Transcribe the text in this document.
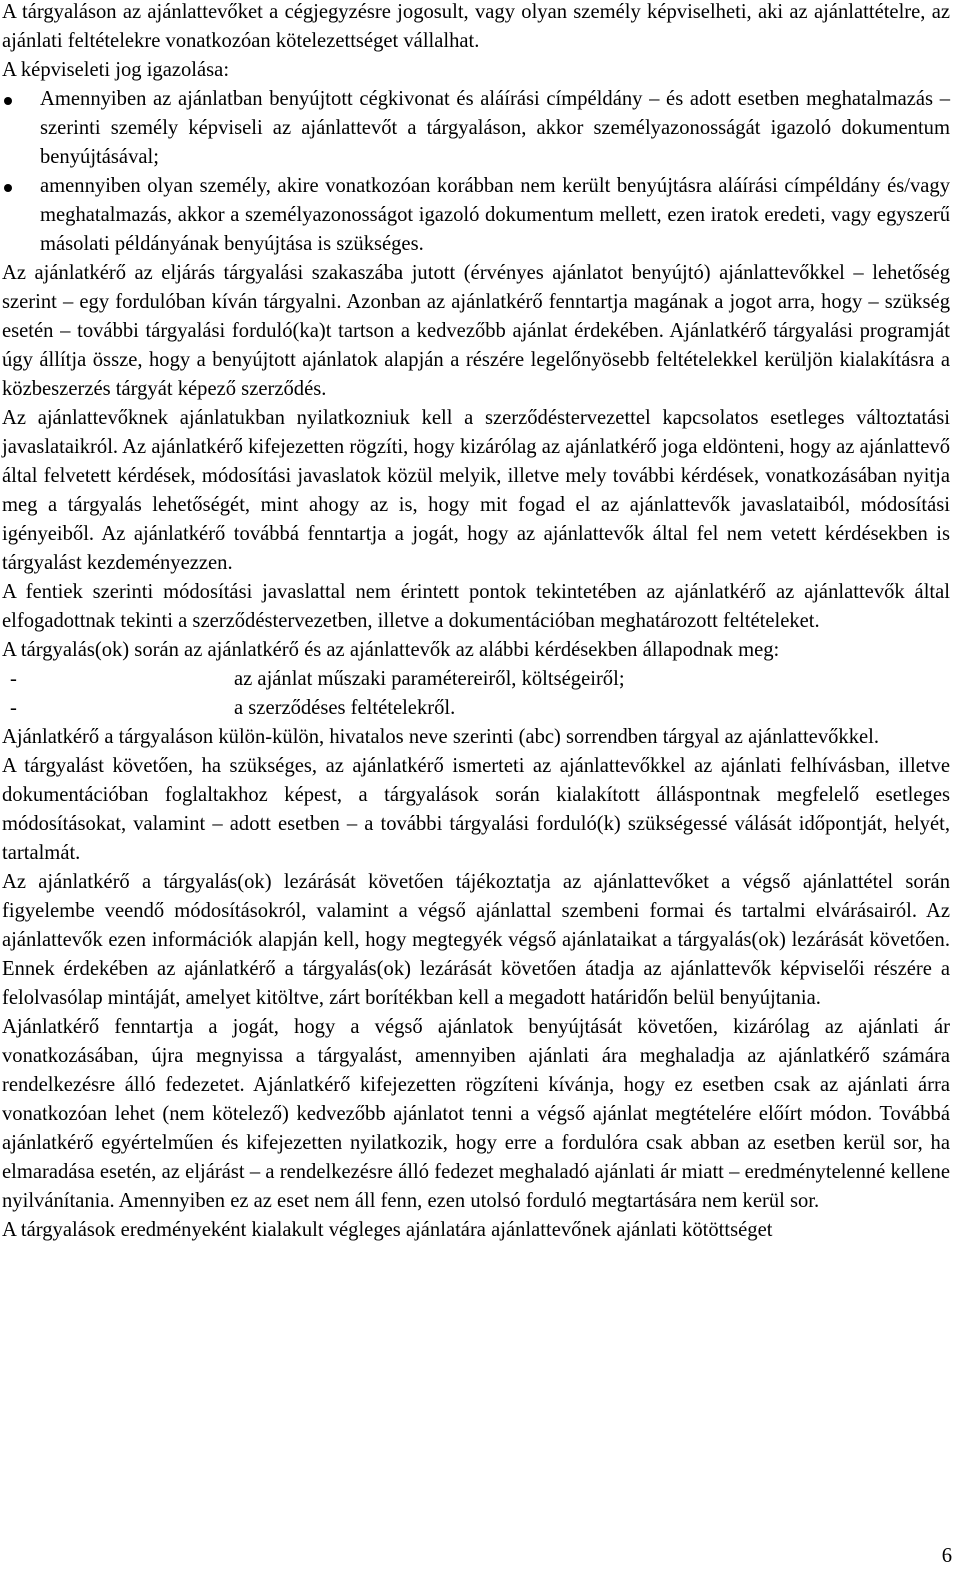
A tárgyaláson az ajánlattevőket a cégjegyzésre jogosult, vagy olyan személy képviselheti, aki az ajánlattételre, az ajánlati feltételekre vonatkozóan kötelezettséget vállalhat.

A képviseleti jog igazolása:

Amennyiben az ajánlatban benyújtott cégkivonat és aláírási címpéldány – és adott esetben meghatalmazás – szerinti személy képviseli az ajánlattevőt a tárgyaláson, akkor személyazonosságát igazoló dokumentum benyújtásával;
amennyiben olyan személy, akire vonatkozóan korábban nem került benyújtásra aláírási címpéldány és/vagy meghatalmazás, akkor a személyazonosságot igazoló dokumentum mellett, ezen iratok eredeti, vagy egyszerű másolati példányának benyújtása is szükséges.

Az ajánlatkérő az eljárás tárgyalási szakaszába jutott (érvényes ajánlatot benyújtó) ajánlattevőkkel – lehetőség szerint – egy fordulóban kíván tárgyalni. Azonban az ajánlatkérő fenntartja magának a jogot arra, hogy – szükség esetén – további tárgyalási forduló(ka)t tartson a kedvezőbb ajánlat érdekében. Ajánlatkérő tárgyalási programját úgy állítja össze, hogy a benyújtott ajánlatok alapján a részére legelőnyösebb feltételekkel kerüljön kialakításra a közbeszerzés tárgyát képező szerződés.

Az ajánlattevőknek ajánlatukban nyilatkozniuk kell a szerződéstervezettel kapcsolatos esetleges változtatási javaslataikról. Az ajánlatkérő kifejezetten rögzíti, hogy kizárólag az ajánlatkérő joga eldönteni, hogy az ajánlattevő által felvetett kérdések, módosítási javaslatok közül melyik, illetve mely további kérdések, vonatkozásában nyitja meg a tárgyalás lehetőségét, mint ahogy az is, hogy mit fogad el az ajánlattevők javaslataiból, módosítási igényeiből. Az ajánlatkérő továbbá fenntartja a jogát, hogy az ajánlattevők által fel nem vetett kérdésekben is tárgyalást kezdeményezzen.

A fentiek szerinti módosítási javaslattal nem érintett pontok tekintetében az ajánlatkérő az ajánlattevők által elfogadottnak tekinti a szerződéstervezetben, illetve a dokumentációban meghatározott feltételeket.

A tárgyalás(ok) során az ajánlatkérő és az ajánlattevők az alábbi kérdésekben állapodnak meg:

-	az ajánlat műszaki paramétereiről, költségeiről;
-	a szerződéses feltételekről.

Ajánlatkérő a tárgyaláson külön-külön, hivatalos neve szerinti (abc) sorrendben tárgyal az ajánlattevőkkel.

A tárgyalást követően, ha szükséges, az ajánlatkérő ismerteti az ajánlattevőkkel az ajánlati felhívásban, illetve dokumentációban foglaltakhoz képest, a tárgyalások során kialakított álláspontnak megfelelő esetleges módosításokat, valamint – adott esetben – a további tárgyalási forduló(k) szükségessé válását időpontját, helyét, tartalmát.

Az ajánlatkérő a tárgyalás(ok) lezárását követően tájékoztatja az ajánlattevőket a végső ajánlattétel során figyelembe veendő módosításokról, valamint a végső ajánlattal szembeni formai és tartalmi elvárásairól. Az ajánlattevők ezen információk alapján kell, hogy megtegyék végső ajánlataikat a tárgyalás(ok) lezárását követően. Ennek érdekében az ajánlatkérő a tárgyalás(ok) lezárását követően átadja az ajánlattevők képviselői részére a felolvasólap mintáját, amelyet kitöltve, zárt borítékban kell a megadott határidőn belül benyújtania.

Ajánlatkérő fenntartja a jogát, hogy a végső ajánlatok benyújtását követően, kizárólag az ajánlati ár vonatkozásában, újra megnyissa a tárgyalást, amennyiben ajánlati ára meghaladja az ajánlatkérő számára rendelkezésre álló fedezetet. Ajánlatkérő kifejezetten rögzíteni kívánja, hogy ez esetben csak az ajánlati árra vonatkozóan lehet (nem kötelező) kedvezőbb ajánlatot tenni a végső ajánlat megtételére előírt módon. Továbbá ajánlatkérő egyértelműen és kifejezetten nyilatkozik, hogy erre a fordulóra csak abban az esetben kerül sor, ha elmaradása esetén, az eljárást – a rendelkezésre álló fedezet meghaladó ajánlati ár miatt – eredménytelenné kellene nyilvánítania. Amennyiben ez az eset nem áll fenn, ezen utolsó forduló megtartására nem kerül sor.

A tárgyalások eredményeként kialakult végleges ajánlatára ajánlattevőnek ajánlati kötöttséget

6
